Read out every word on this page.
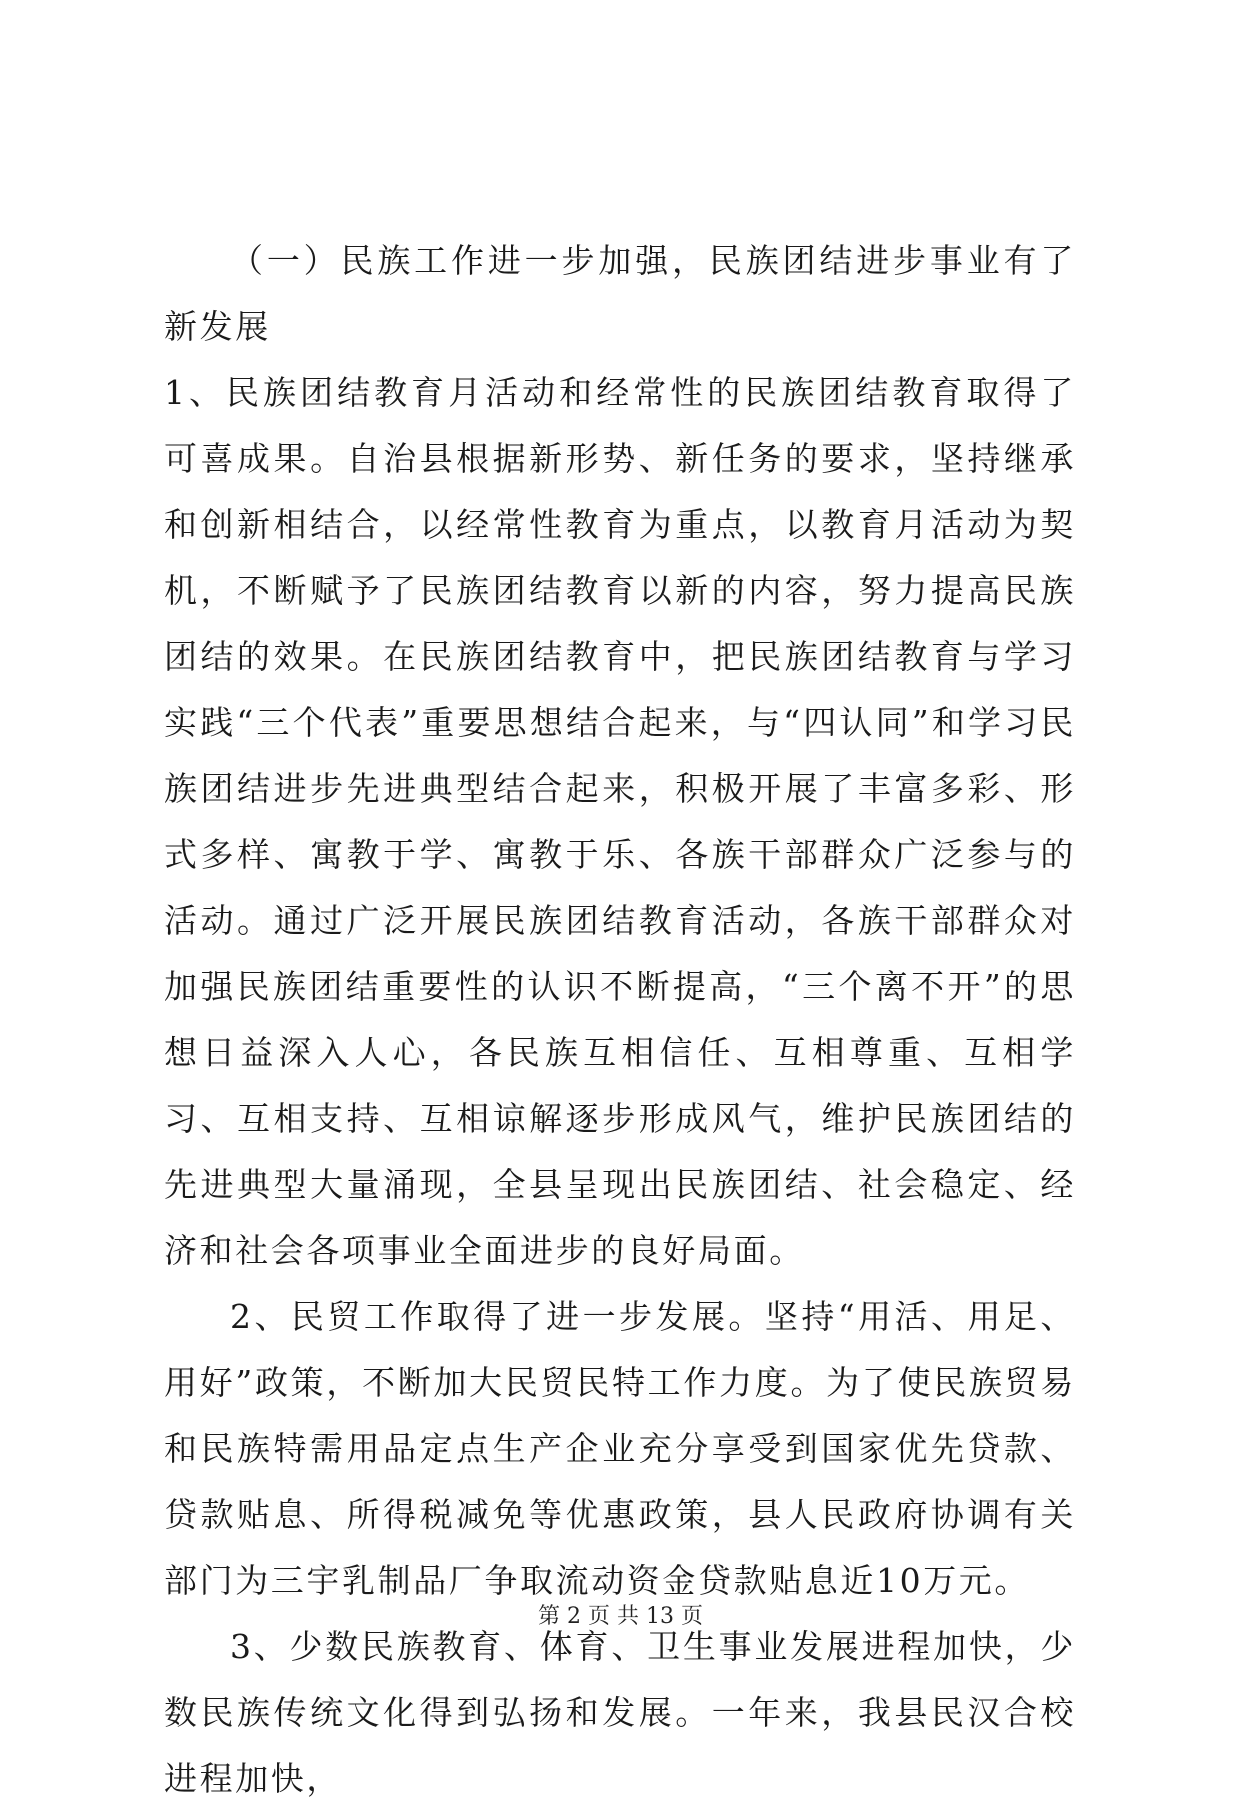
（一）民族工作进一步加强，民族团结进步事业有了新发展

1、民族团结教育月活动和经常性的民族团结教育取得了可喜成果。自治县根据新形势、新任务的要求，坚持继承和创新相结合，以经常性教育为重点，以教育月活动为契机，不断赋予了民族团结教育以新的内容，努力提高民族团结的效果。在民族团结教育中，把民族团结教育与学习实践“三个代表”重要思想结合起来，与“四认同”和学习民族团结进步先进典型结合起来，积极开展了丰富多彩、形式多样、寓教于学、寓教于乐、各族干部群众广泛参与的活动。通过广泛开展民族团结教育活动，各族干部群众对加强民族团结重要性的认识不断提高，“三个离不开”的思想日益深入人心，各民族互相信任、互相尊重、互相学习、互相支持、互相谅解逐步形成风气，维护民族团结的先进典型大量涌现，全县呈现出民族团结、社会稳定、经济和社会各项事业全面进步的良好局面。

2、民贸工作取得了进一步发展。坚持“用活、用足、用好”政策，不断加大民贸民特工作力度。为了使民族贸易和民族特需用品定点生产企业充分享受到国家优先贷款、贷款贴息、所得税减免等优惠政策，县人民政府协调有关部门为三宇乳制品厂争取流动资金贷款贴息近10万元。

3、少数民族教育、体育、卫生事业发展进程加快，少数民族传统文化得到弘扬和发展。一年来，我县民汉合校进程加快，

第 2 页 共 13 页
